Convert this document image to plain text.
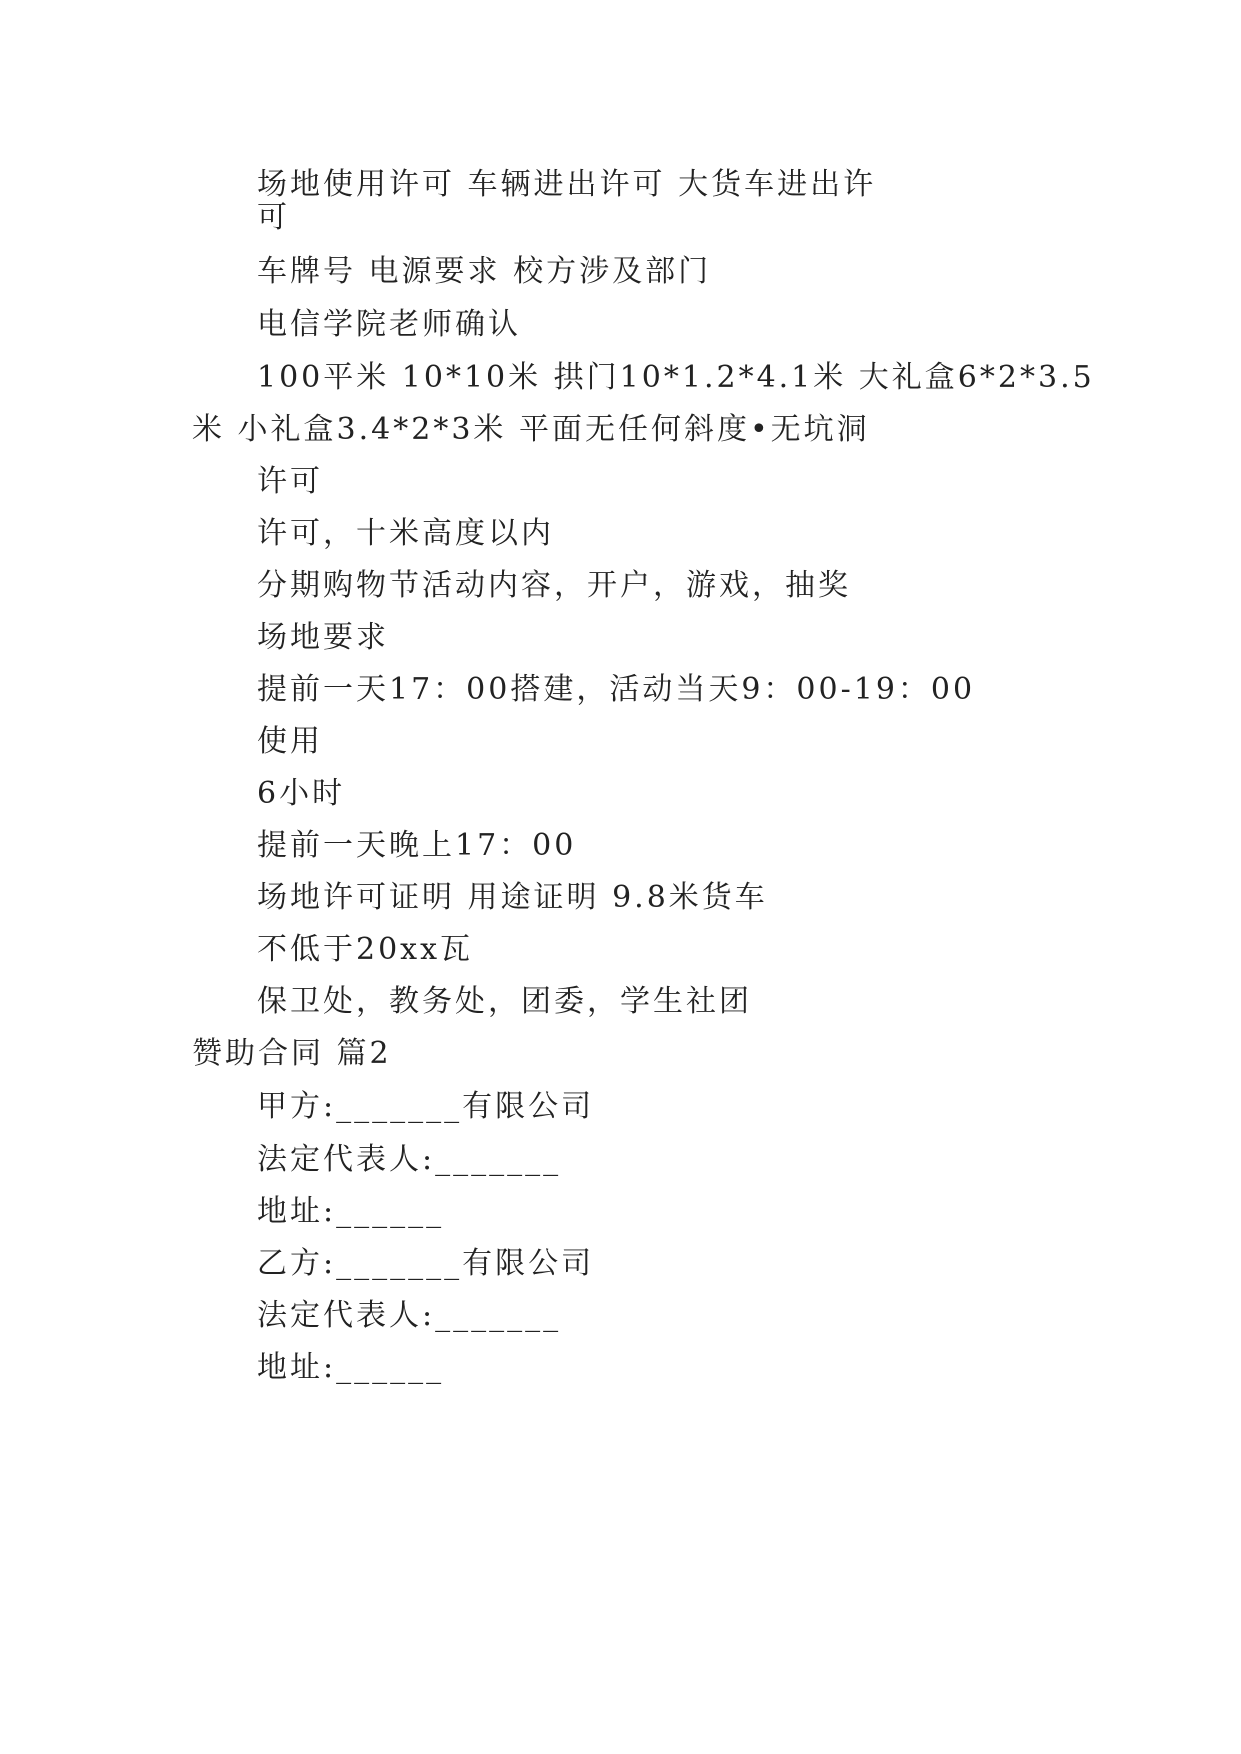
场地使用许可 车辆进出许可 大货车进出许
可
车牌号 电源要求 校方涉及部门
电信学院老师确认
100平米 10*10米 拱门10*1.2*4.1米 大礼盒6*2*3.5
米 小礼盒3.4*2*3米 平面无任何斜度•无坑洞
许可
许可，十米高度以内
分期购物节活动内容，开户，游戏，抽奖
场地要求
提前一天17：00搭建，活动当天9：00-19：00
使用
6小时
提前一天晚上17：00
场地许可证明 用途证明 9.8米货车
不低于20xx瓦
保卫处，教务处，团委，学生社团
赞助合同 篇2
甲方:_______有限公司
法定代表人:_______
地址:______
乙方:_______有限公司
法定代表人:_______
地址:______
